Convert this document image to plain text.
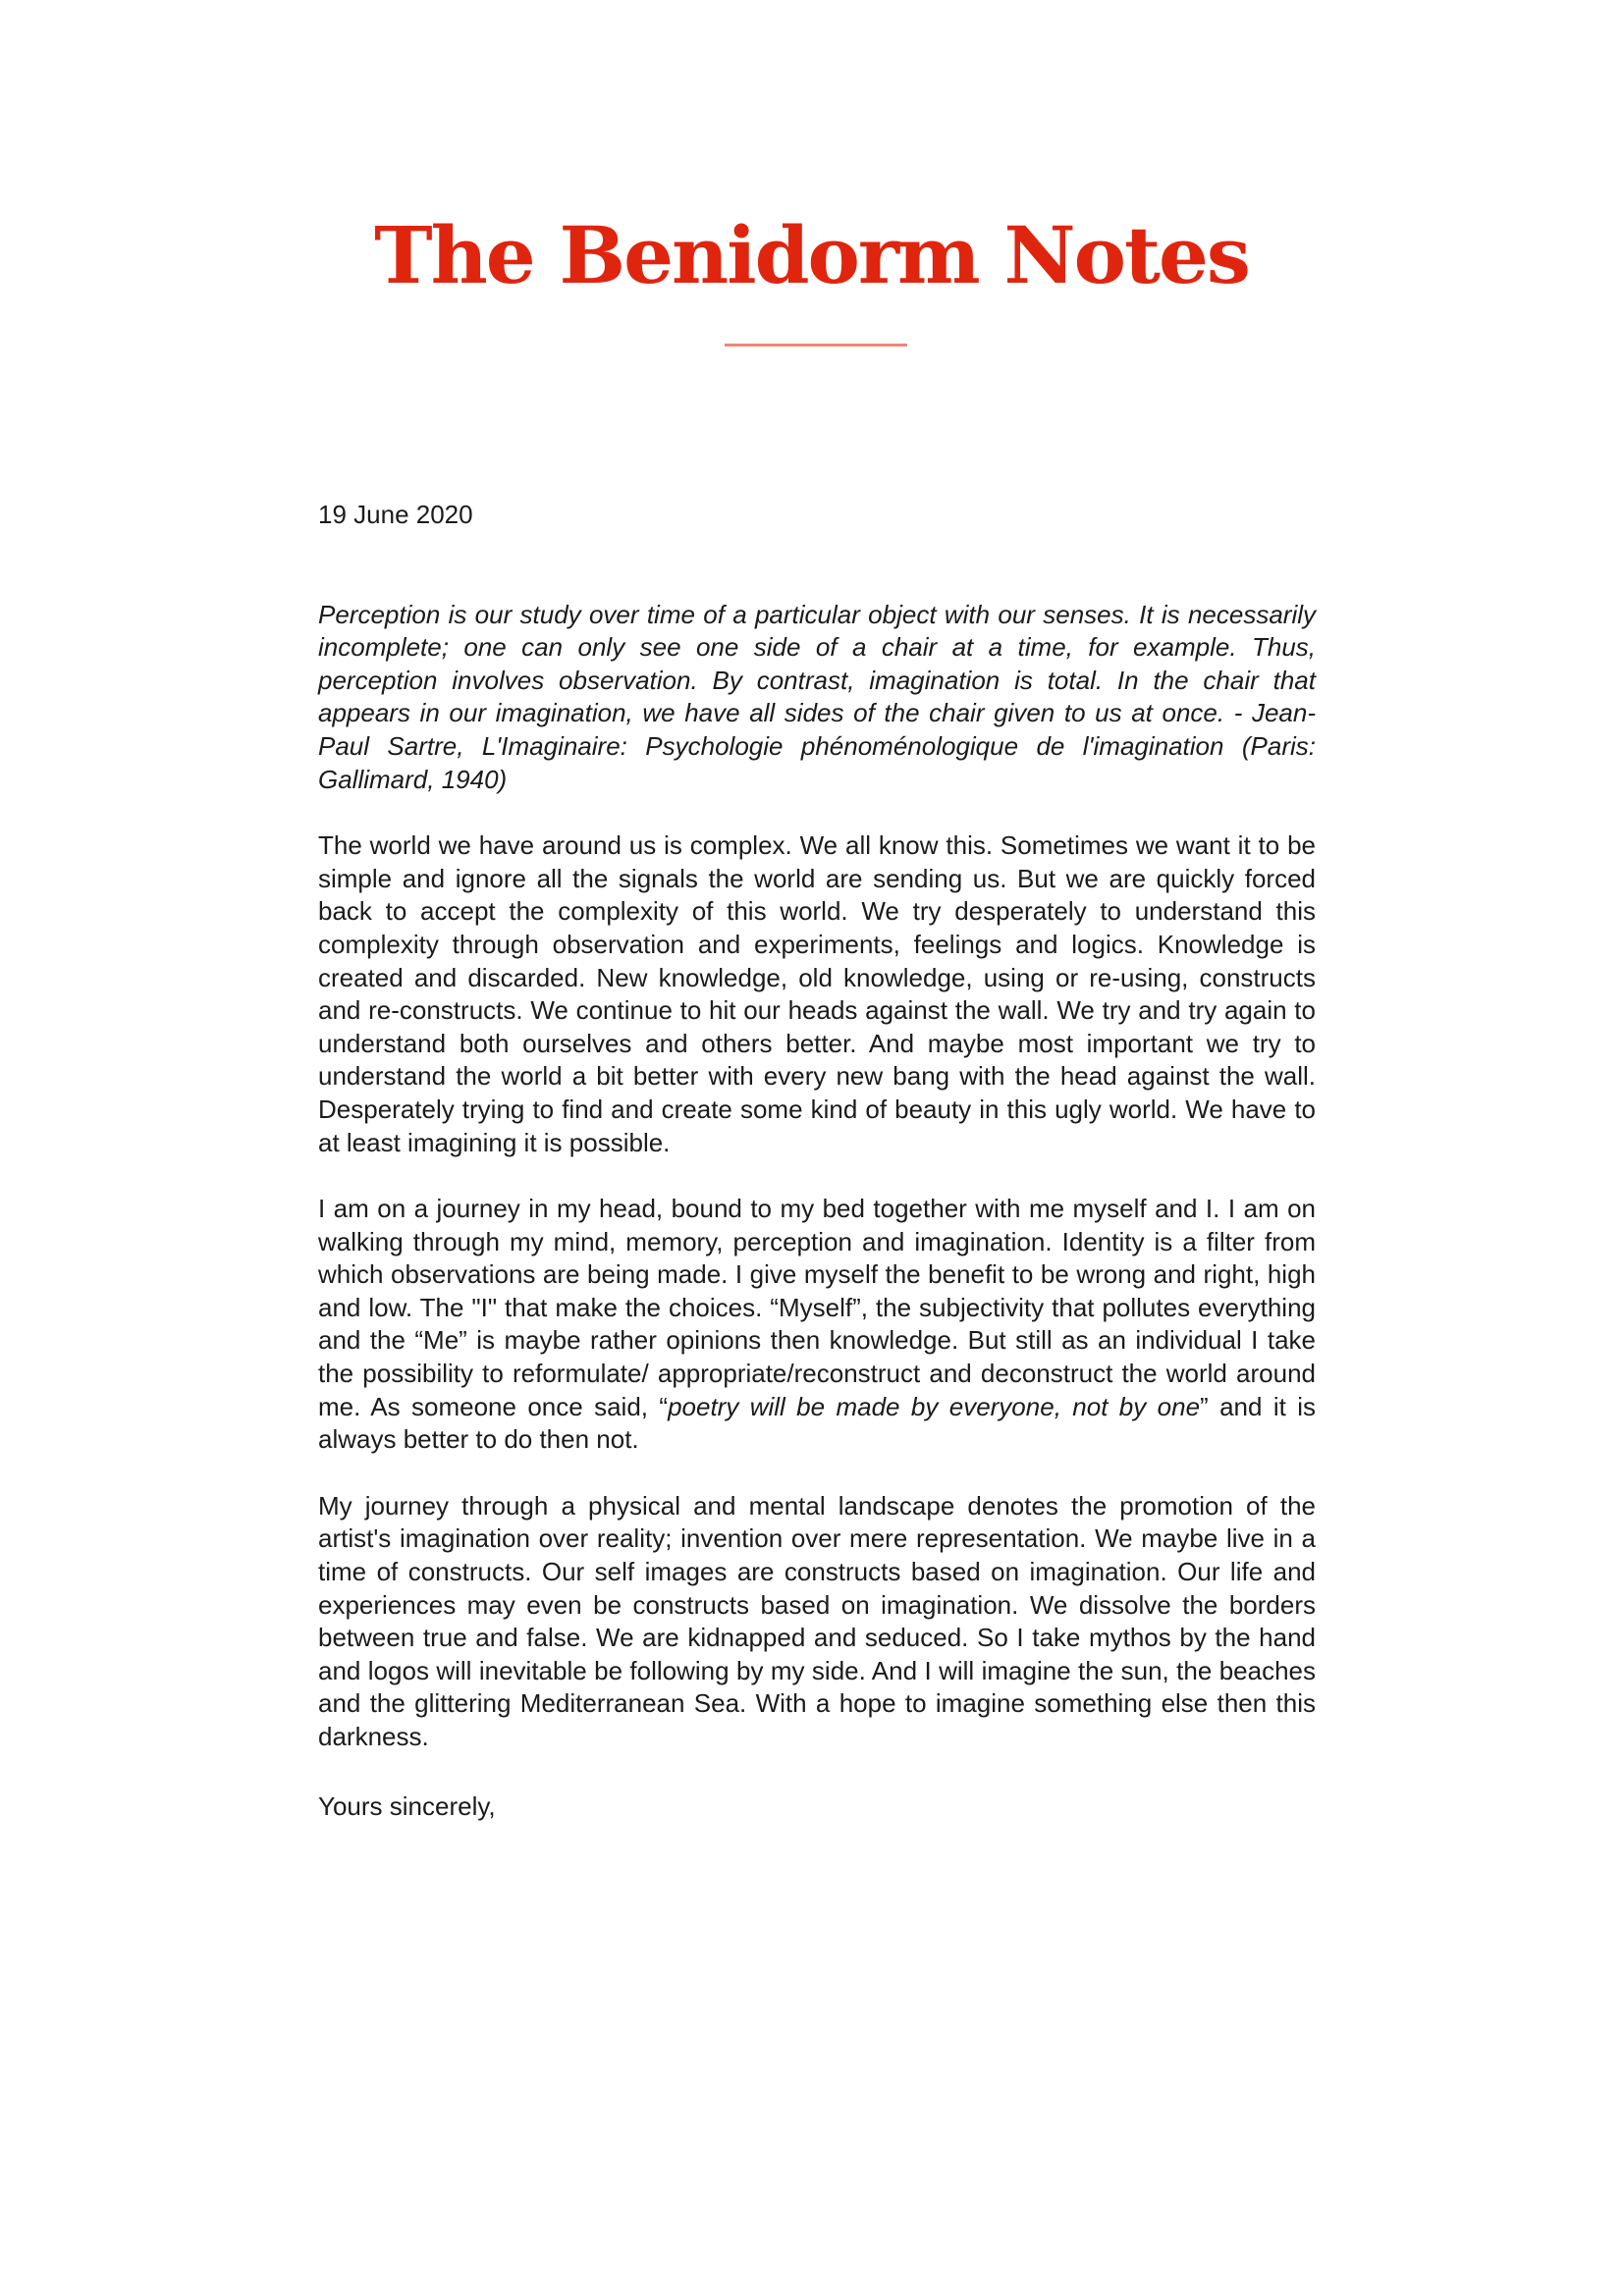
The Benidorm Notes

19 June 2020

Perception is our study over time of a particular object with our senses. It is necessarily incomplete; one can only see one side of a chair at a time, for example. Thus, perception involves observation. By contrast, imagination is total. In the chair that appears in our imagination, we have all sides of the chair given to us at once. - Jean-Paul Sartre, L'Imaginaire: Psychologie phénoménologique de l'imagination (Paris: Gallimard, 1940)

The world we have around us is complex. We all know this. Sometimes we want it to be simple and ignore all the signals the world are sending us. But we are quickly forced back to accept the complexity of this world. We try desperately to understand this complexity through observation and experiments, feelings and logics. Knowledge is created and discarded. New knowledge, old knowledge, using or re-using, constructs and re-constructs. We continue to hit our heads against the wall. We try and try again to understand both ourselves and others better. And maybe most important we try to understand the world a bit better with every new bang with the head against the wall. Desperately trying to find and create some kind of beauty in this ugly world. We have to at least imagining it is possible.

I am on a journey in my head, bound to my bed together with me myself and I. I am on walking through my mind, memory, perception and imagination. Identity is a filter from which observations are being made. I give myself the benefit to be wrong and right, high and low. The "I" that make the choices. “Myself”, the subjectivity that pollutes everything and the “Me” is maybe rather opinions then knowledge. But still as an individual I take the possibility to reformulate/ appropriate/reconstruct and deconstruct the world around me. As someone once said, “poetry will be made by everyone, not by one” and it is always better to do then not.

My journey through a physical and mental landscape denotes the promotion of the artist's imagination over reality; invention over mere representation. We maybe live in a time of constructs. Our self images are constructs based on imagination. Our life and experiences may even be constructs based on imagination. We dissolve the borders between true and false. We are kidnapped and seduced. So I take mythos by the hand and logos will inevitable be following by my side. And I will imagine the sun, the beaches and the glittering Mediterranean Sea. With a hope to imagine something else then this darkness.

Yours sincerely,
